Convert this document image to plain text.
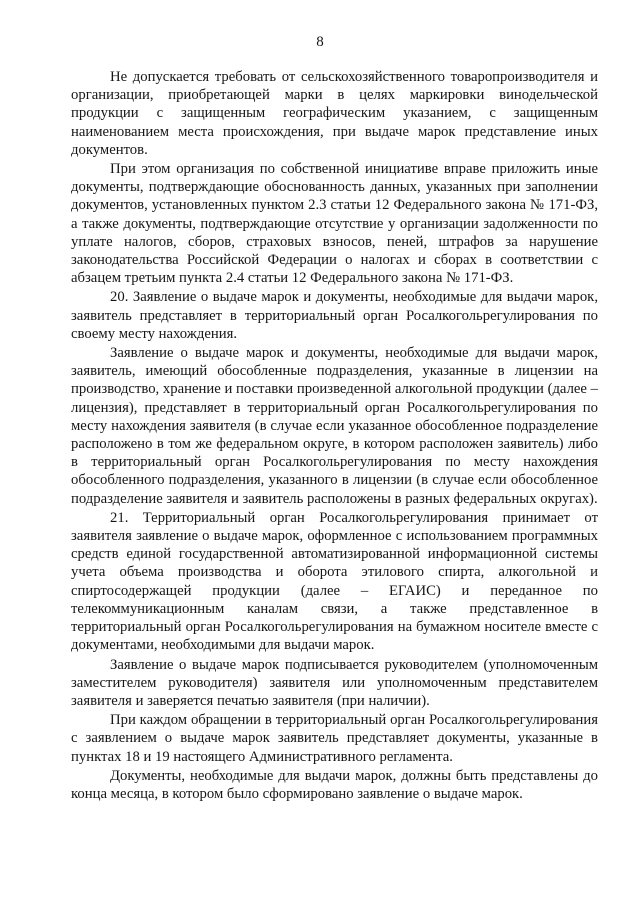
8

Не допускается требовать от сельскохозяйственного товаропроизводителя и организации, приобретающей марки в целях маркировки винодельческой продукции с защищенным географическим указанием, с защищенным наименованием места происхождения, при выдаче марок представление иных документов.

При этом организация по собственной инициативе вправе приложить иные документы, подтверждающие обоснованность данных, указанных при заполнении документов, установленных пунктом 2.3 статьи 12 Федерального закона № 171-ФЗ, а также документы, подтверждающие отсутствие у организации задолженности по уплате налогов, сборов, страховых взносов, пеней, штрафов за нарушение законодательства Российской Федерации о налогах и сборах в соответствии с абзацем третьим пункта 2.4 статьи 12 Федерального закона № 171-ФЗ.

20. Заявление о выдаче марок и документы, необходимые для выдачи марок, заявитель представляет в территориальный орган Росалкогольрегулирования по своему месту нахождения.

Заявление о выдаче марок и документы, необходимые для выдачи марок, заявитель, имеющий обособленные подразделения, указанные в лицензии на производство, хранение и поставки произведенной алкогольной продукции (далее – лицензия), представляет в территориальный орган Росалкогольрегулирования по месту нахождения заявителя (в случае если указанное обособленное подразделение расположено в том же федеральном округе, в котором расположен заявитель) либо в территориальный орган Росалкогольрегулирования по месту нахождения обособленного подразделения, указанного в лицензии (в случае если обособленное подразделение заявителя и заявитель расположены в разных федеральных округах).

21. Территориальный орган Росалкогольрегулирования принимает от заявителя заявление о выдаче марок, оформленное с использованием программных средств единой государственной автоматизированной информационной системы учета объема производства и оборота этилового спирта, алкогольной и спиртосодержащей продукции (далее – ЕГАИС) и переданное по телекоммуникационным каналам связи, а также представленное в территориальный орган Росалкогольрегулирования на бумажном носителе вместе с документами, необходимыми для выдачи марок.

Заявление о выдаче марок подписывается руководителем (уполномоченным заместителем руководителя) заявителя или уполномоченным представителем заявителя и заверяется печатью заявителя (при наличии).

При каждом обращении в территориальный орган Росалкогольрегулирования с заявлением о выдаче марок заявитель представляет документы, указанные в пунктах 18 и 19 настоящего Административного регламента.

Документы, необходимые для выдачи марок, должны быть представлены до конца месяца, в котором было сформировано заявление о выдаче марок.
